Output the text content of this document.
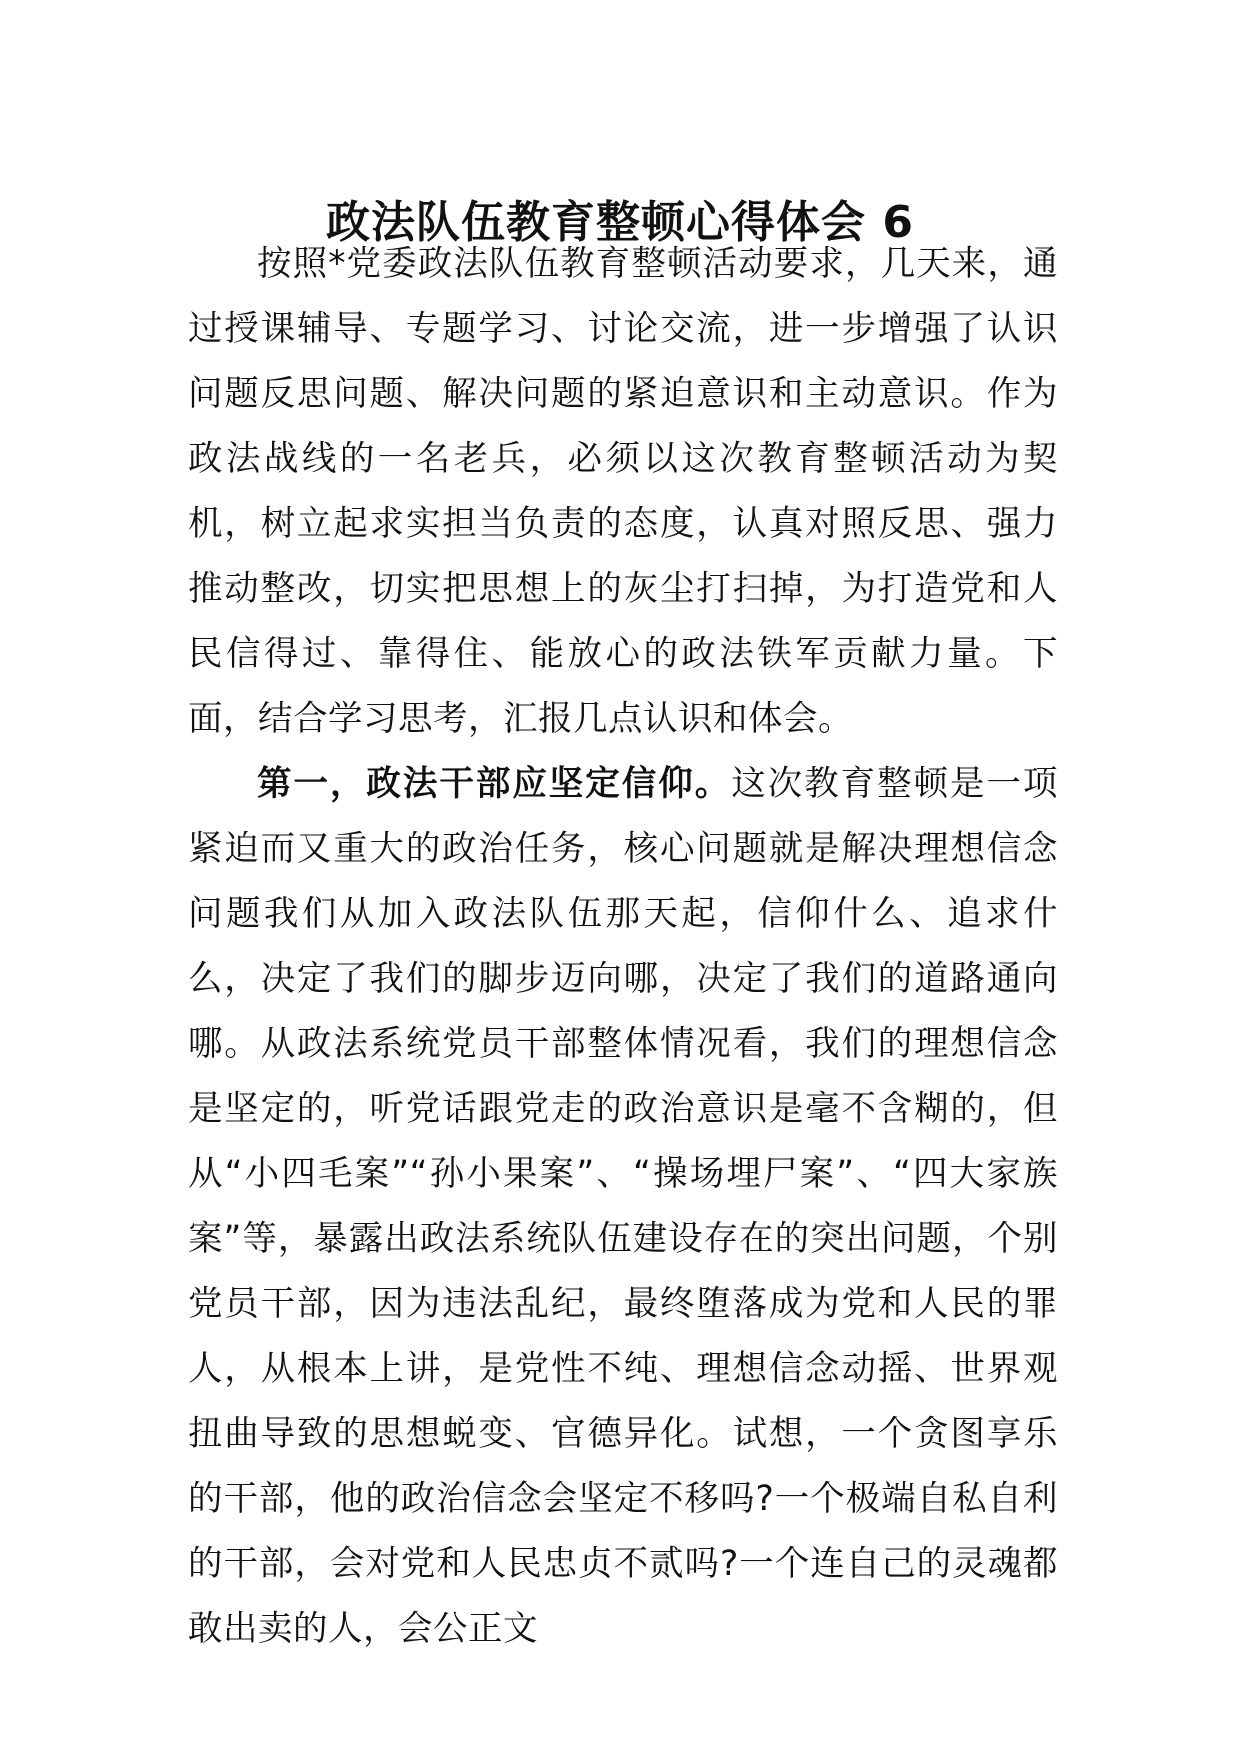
政法队伍教育整顿心得体会 6

按照*党委政法队伍教育整顿活动要求，几天来，通过授课辅导、专题学习、讨论交流，进一步增强了认识问题反思问题、解决问题的紧迫意识和主动意识。作为政法战线的一名老兵，必须以这次教育整顿活动为契机，树立起求实担当负责的态度，认真对照反思、强力推动整改，切实把思想上的灰尘打扫掉，为打造党和人民信得过、靠得住、能放心的政法铁军贡献力量。下面，结合学习思考，汇报几点认识和体会。

第一，政法干部应坚定信仰。这次教育整顿是一项紧迫而又重大的政治任务，核心问题就是解决理想信念问题我们从加入政法队伍那天起，信仰什么、追求什么，决定了我们的脚步迈向哪，决定了我们的道路通向哪。从政法系统党员干部整体情况看，我们的理想信念是坚定的，听党话跟党走的政治意识是毫不含糊的，但从“小四毛案”“孙小果案”、“操场埋尸案”、“四大家族案”等，暴露出政法系统队伍建设存在的突出问题，个别党员干部，因为违法乱纪，最终堕落成为党和人民的罪人，从根本上讲，是党性不纯、理想信念动摇、世界观扭曲导致的思想蜕变、官德异化。试想，一个贪图享乐的干部，他的政治信念会坚定不移吗?一个极端自私自利的干部，会对党和人民忠贞不贰吗?一个连自己的灵魂都敢出卖的人，会公正文
